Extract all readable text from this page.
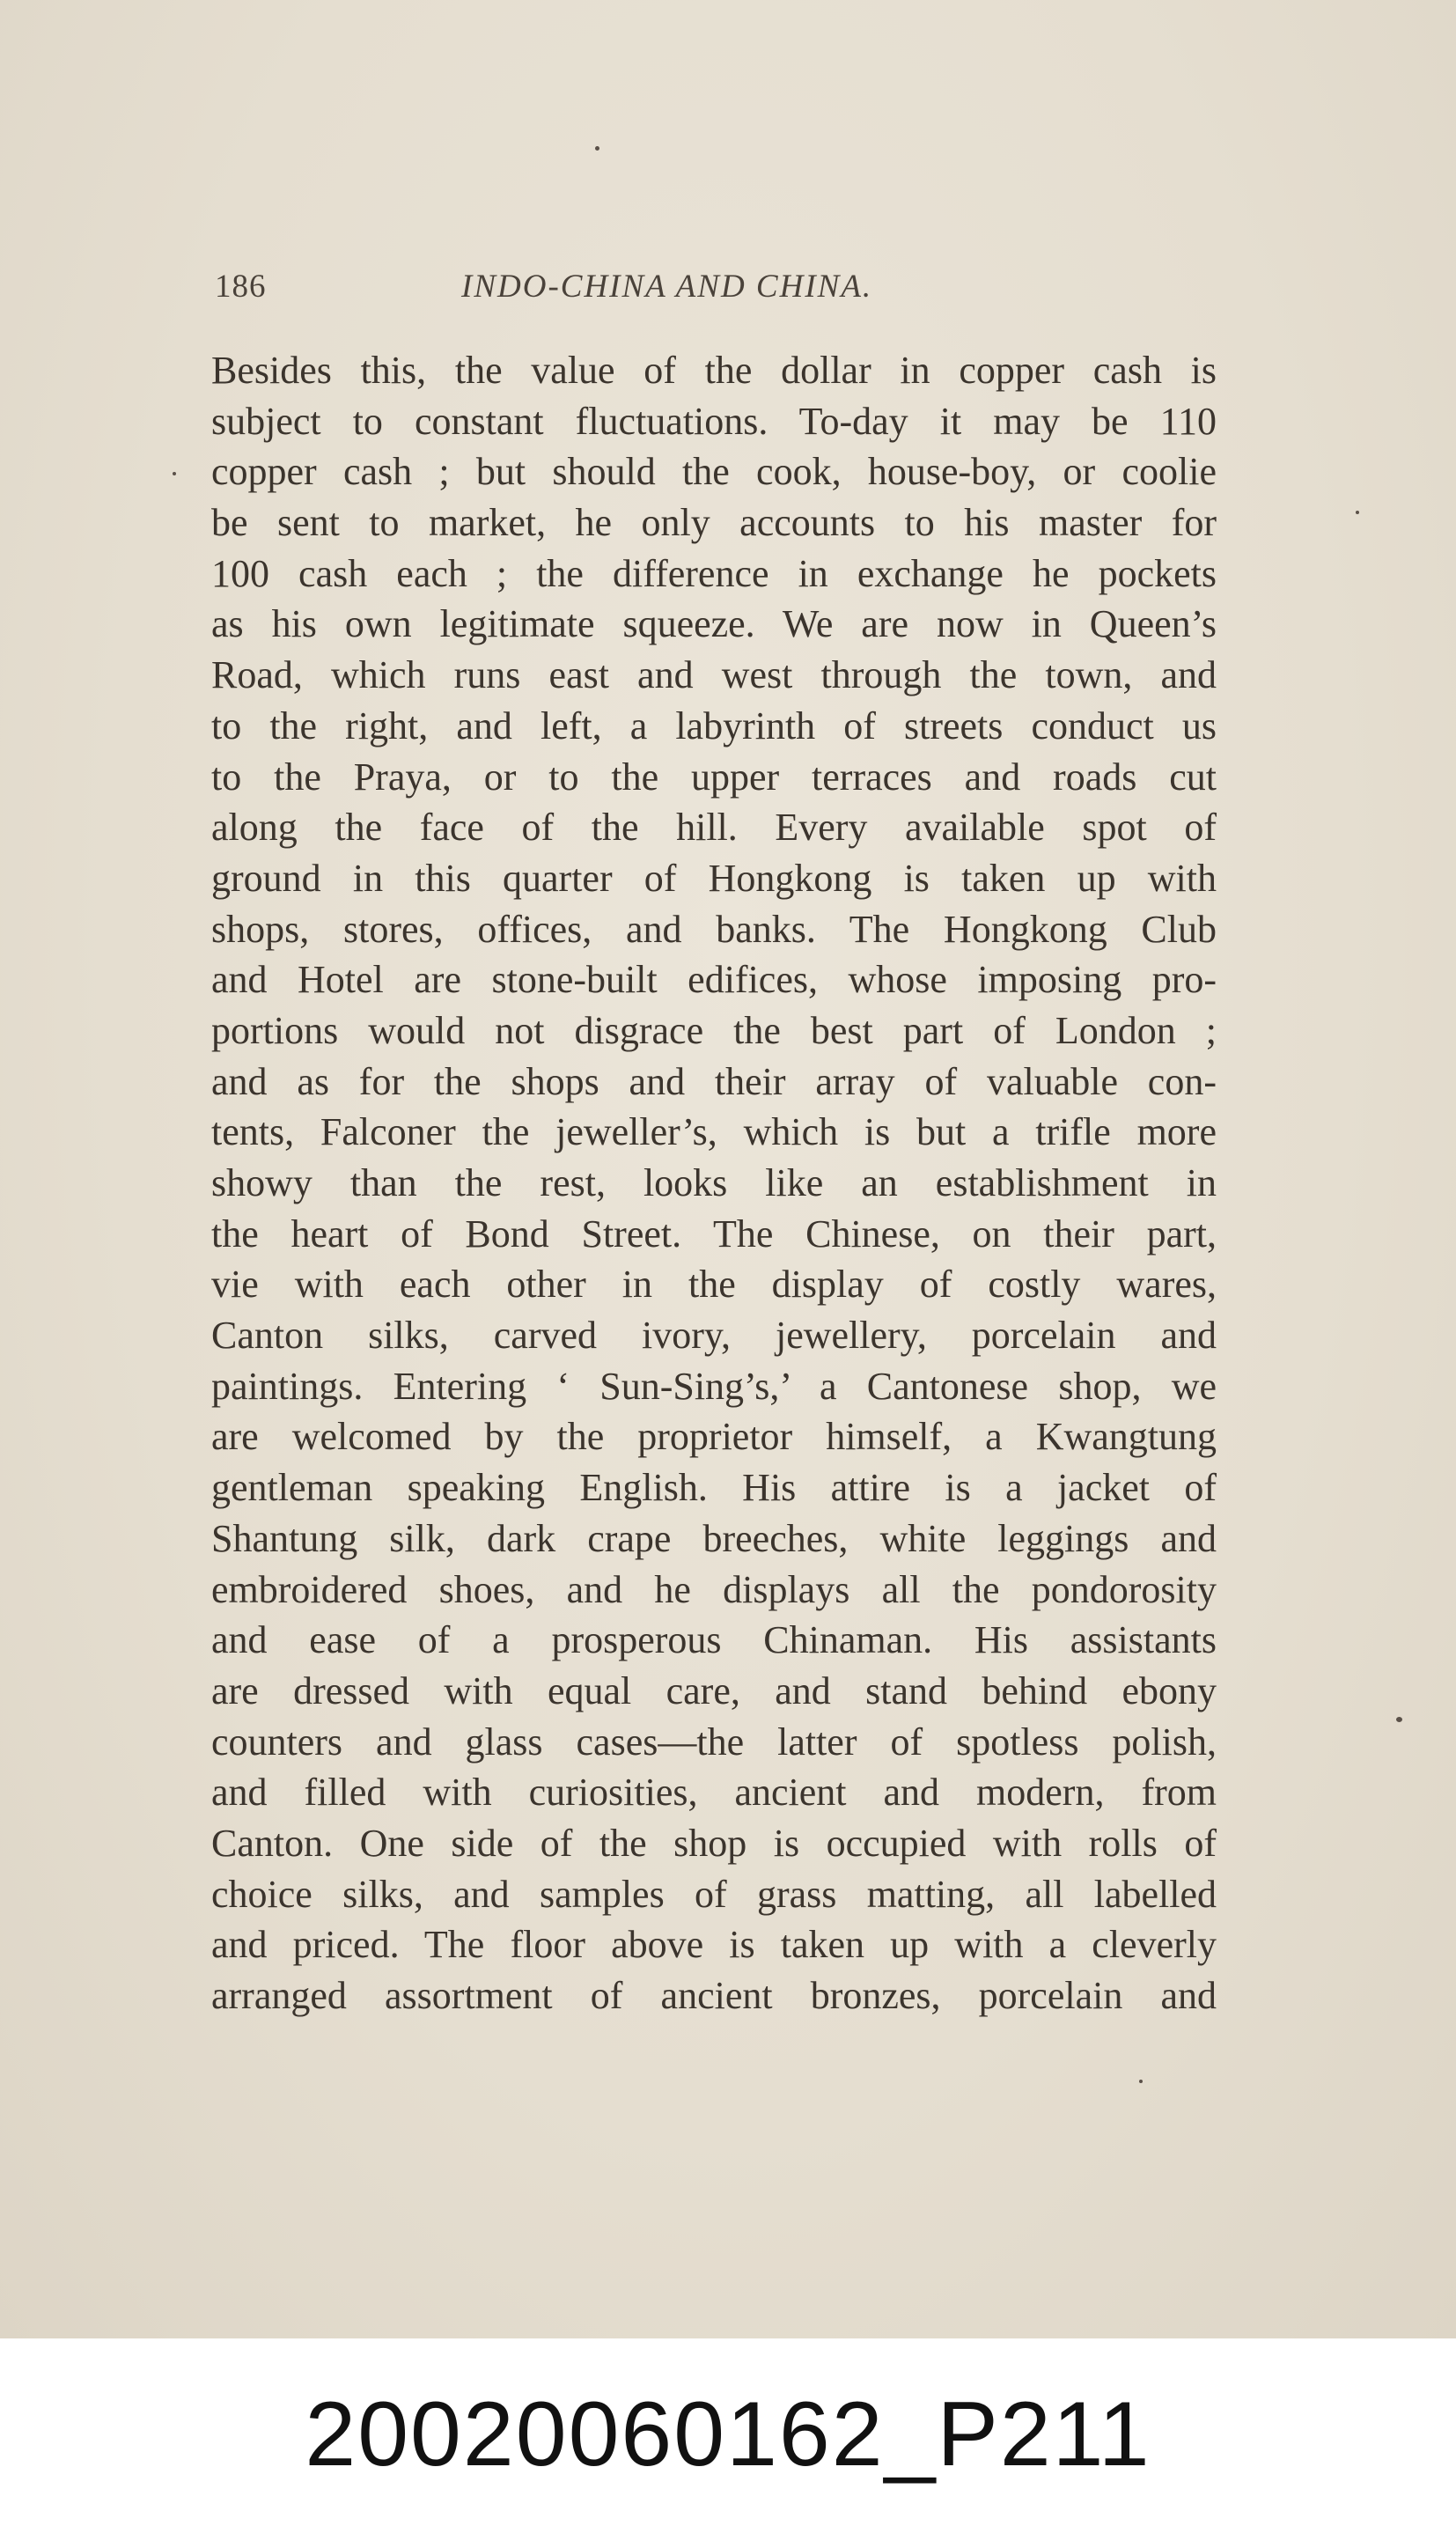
186	INDO-CHINA AND CHINA.
Besides this, the value of the dollar in copper cash is
subject to constant fluctuations. To-day it may be 110
copper cash ; but should the cook, house-boy, or coolie
be sent to market, he only accounts to his master for
100 cash each ; the difference in exchange he pockets
as his own legitimate squeeze. We are now in Queen’s
Road, which runs east and west through the town, and
to the right, and left, a labyrinth of streets conduct us
to the Praya, or to the upper terraces and roads cut
along the face of the hill. Every available spot of
ground in this quarter of Hongkong is taken up with
shops, stores, offices, and banks. The Hongkong Club
and Hotel are stone-built edifices, whose imposing pro-
portions would not disgrace the best part of London ;
and as for the shops and their array of valuable con-
tents, Falconer the jeweller’s, which is but a trifle more
showy than the rest, looks like an establishment in
the heart of Bond Street. The Chinese, on their part,
vie with each other in the display of costly wares,
Canton silks, carved ivory, jewellery, porcelain and
paintings. Entering ‘ Sun-Sing’s,’ a Cantonese shop, we
are welcomed by the proprietor himself, a Kwangtung
gentleman speaking English. His attire is a jacket of
Shantung silk, dark crape breeches, white leggings and
embroidered shoes, and he displays all the pondorosity
and ease of a prosperous Chinaman. His assistants
are dressed with equal care, and stand behind ebony
counters and glass cases—the latter of spotless polish,
and filled with curiosities, ancient and modern, from
Canton. One side of the shop is occupied with rolls of
choice silks, and samples of grass matting, all labelled
and priced. The floor above is taken up with a cleverly
arranged assortment of ancient bronzes, porcelain and
20020060162_P211
